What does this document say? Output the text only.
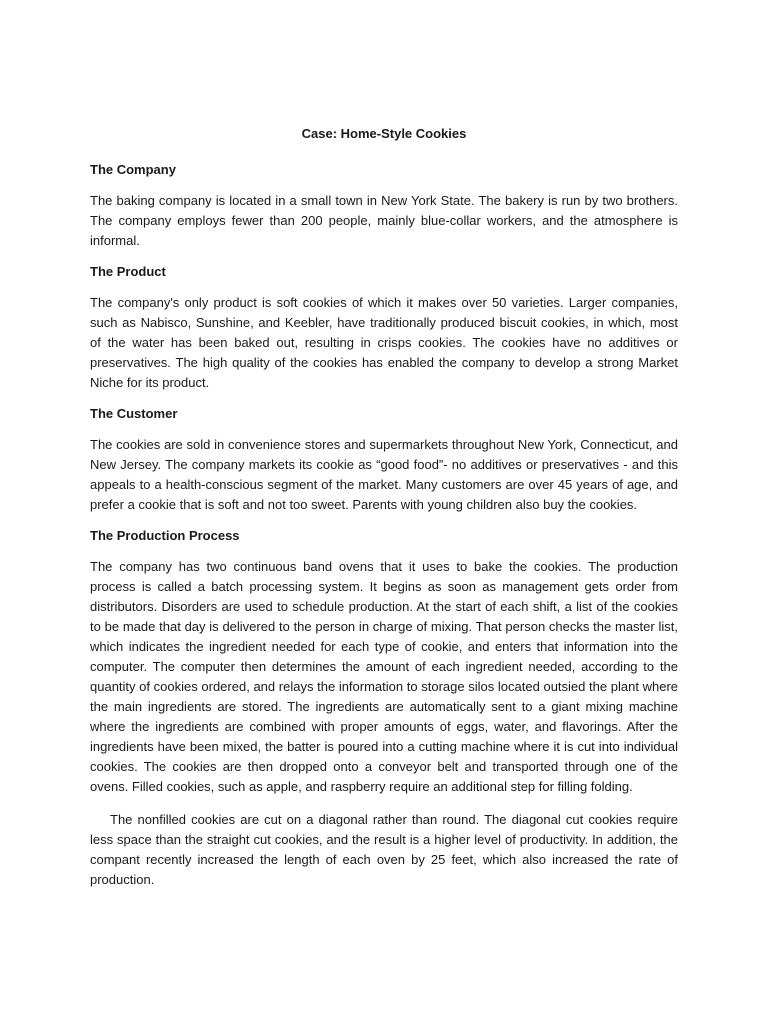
Case: Home-Style Cookies
The Company

The baking company is located in a small town in New York State. The bakery is run by two brothers. The company employs fewer than 200 people, mainly blue-collar workers, and the atmosphere is informal.

The Product

The company's only product is soft cookies of which it makes over 50 varieties. Larger companies, such as Nabisco, Sunshine, and Keebler, have traditionally produced biscuit cookies, in which, most of the water has been baked out, resulting in crisps cookies. The cookies have no additives or preservatives. The high quality of the cookies has enabled the company to develop a strong Market Niche for its product.

The Customer

The cookies are sold in convenience stores and supermarkets throughout New York, Connecticut, and New Jersey. The company markets its cookie as “good food”- no additives or preservatives - and this appeals to a health-conscious segment of the market. Many customers are over 45 years of age, and prefer a cookie that is soft and not too sweet. Parents with young children also buy the cookies.

The Production Process

The company has two continuous band ovens that it uses to bake the cookies. The production process is called a batch processing system. It begins as soon as management gets order from distributors. Disorders are used to schedule production. At the start of each shift, a list of the cookies to be made that day is delivered to the person in charge of mixing. That person checks the master list, which indicates the ingredient needed for each type of cookie, and enters that information into the computer. The computer then determines the amount of each ingredient needed, according to the quantity of cookies ordered, and relays the information to storage silos located outsied the plant where the main ingredients are stored. The ingredients are automatically sent to a giant mixing machine where the ingredients are combined with proper amounts of eggs, water, and flavorings. After the ingredients have been mixed, the batter is poured into a cutting machine where it is cut into individual cookies. The cookies are then dropped onto a conveyor belt and transported through one of the ovens. Filled cookies, such as apple, and raspberry require an additional step for filling folding.

The nonfilled cookies are cut on a diagonal rather than round. The diagonal cut cookies require less space than the straight cut cookies, and the result is a higher level of productivity. In addition, the compant recently increased the length of each oven by 25 feet, which also increased the rate of production.
